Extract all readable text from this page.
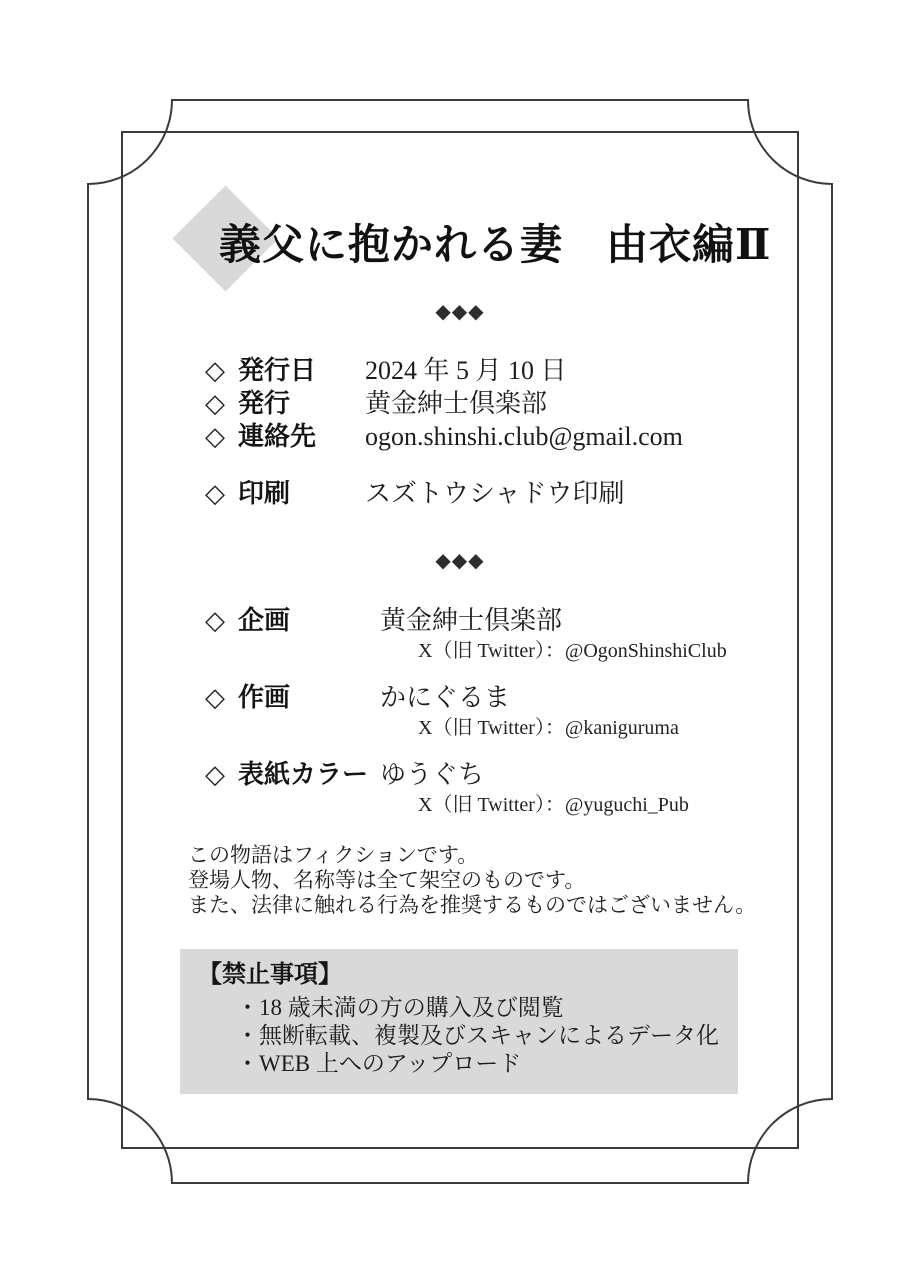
義父に抱かれる妻　由衣編Ⅱ
◆◆◆
◇ 発行日	2024 年 5 月 10 日
◇ 発行	黄金紳士倶楽部
◇ 連絡先	ogon.shinshi.club@gmail.com
◇ 印刷	スズトウシャドウ印刷
◆◆◆
◇ 企画	黄金紳士倶楽部
X（旧 Twitter）：@OgonShinshiClub
◇ 作画	かにぐるま
X（旧 Twitter）：@kaniguruma
◇ 表紙カラー ゆうぐち
X（旧 Twitter）：@yuguchi_Pub
この物語はフィクションです。
登場人物、名称等は全て架空のものです。
また、法律に触れる行為を推奨するものではございません。
【禁止事項】
・18 歳未満の方の購入及び閲覧
・無断転載、複製及びスキャンによるデータ化
・WEB 上へのアップロード
